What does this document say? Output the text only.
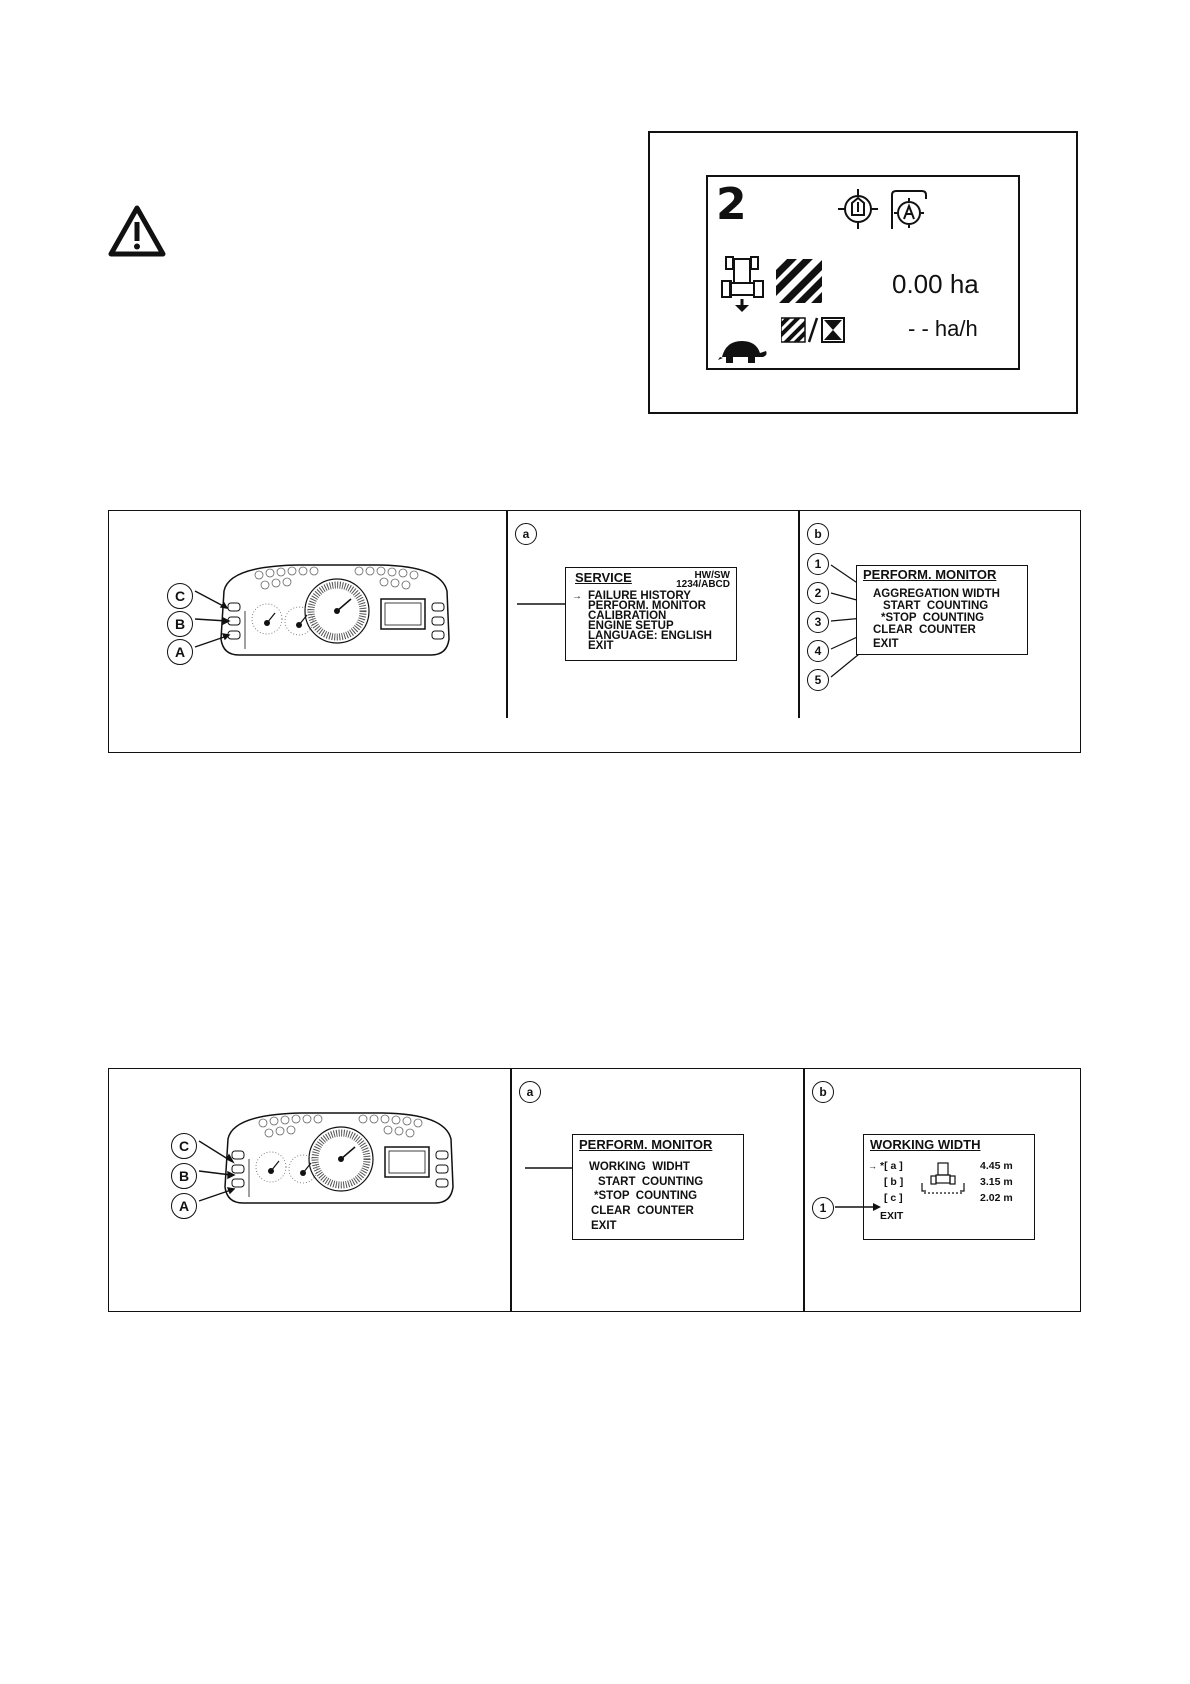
2
0.00 ha
- - ha/h
C
B
A
a
SERVICE	HW/SW
1234/ABCD
→ FAILURE HISTORY
PERFORM. MONITOR
CALIBRATION
ENGINE SETUP
LANGUAGE: ENGLISH
EXIT
b
1
2
3
4
5
PERFORM. MONITOR
AGGREGATION WIDTH
START  COUNTING
*STOP  COUNTING
CLEAR  COUNTER
EXIT
C
B
A
a
PERFORM. MONITOR
WORKING  WIDHT
START  COUNTING
*STOP  COUNTING
CLEAR  COUNTER
EXIT
b
WORKING WIDTH
→ *[ a ]	4.45 m
[ b ]	3.15 m
[ c ]	2.02 m
EXIT
1
